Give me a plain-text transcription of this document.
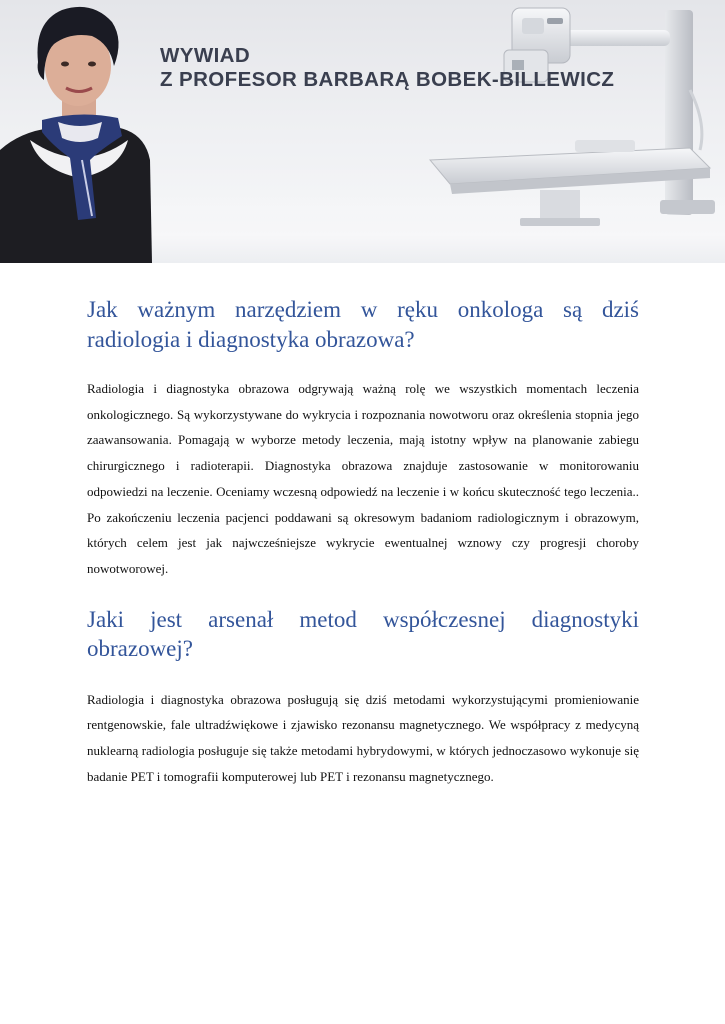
WYWIAD
Z PROFESOR BARBARĄ BOBEK-BILLEWICZ
Jak ważnym narzędziem w ręku onkologa są dziś radiologia i diagnostyka obrazowa?

Radiologia i diagnostyka obrazowa odgrywają ważną rolę we wszystkich momentach leczenia onkologicznego. Są wykorzystywane do wykrycia i rozpoznania nowotworu oraz określenia stopnia jego zaawansowania. Pomagają w wyborze metody leczenia, mają istotny wpływ na planowanie zabiegu chirurgicznego i radioterapii. Diagnostyka obrazowa znajduje zastosowanie w monitorowaniu odpowiedzi na leczenie. Oceniamy wczesną odpowiedź na leczenie i w końcu skuteczność tego leczenia.. Po zakończeniu leczenia pacjenci poddawani są okresowym badaniom radiologicznym i obrazowym, których celem jest jak najwcześniejsze wykrycie ewentualnej wznowy czy progresji choroby nowotworowej.

Jaki jest arsenał metod współczesnej diagnostyki obrazowej?

Radiologia i diagnostyka obrazowa posługują się dziś metodami wykorzystującymi promieniowanie rentgenowskie, fale ultradźwiękowe i zjawisko rezonansu magnetycznego. We współpracy z medycyną nuklearną radiologia posługuje się także metodami hybrydowymi, w których jednoczasowo wykonuje się badanie PET i tomografii komputerowej lub PET i rezonansu magnetycznego.
